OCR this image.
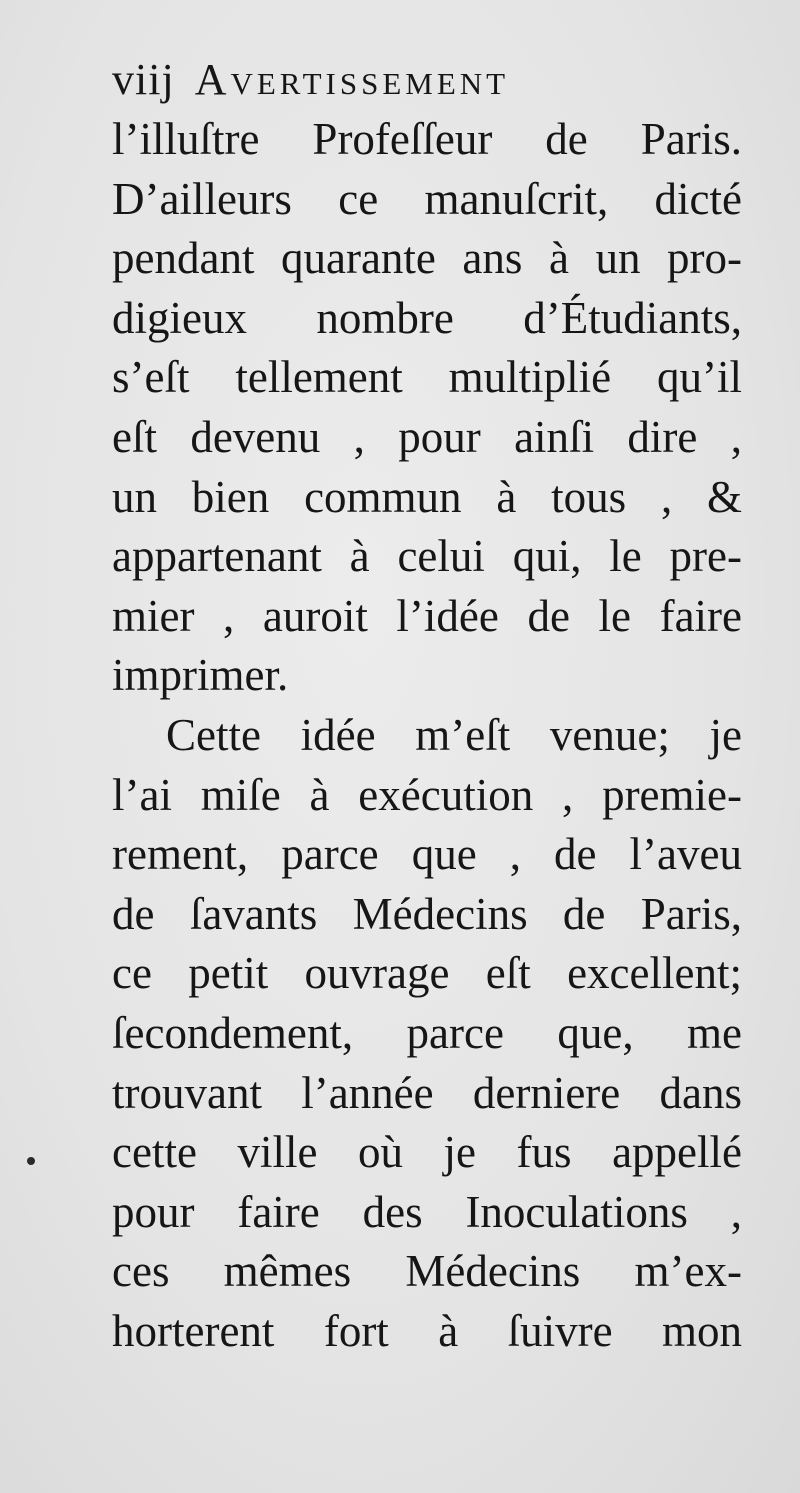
viij Avertissement
l’illuſtre Profeſſeur de Paris.
D’ailleurs ce manuſcrit, dicté
pendant quarante ans à un pro-
digieux nombre d’Étudiants,
s’eſt tellement multiplié qu’il
eſt devenu , pour ainſi dire ,
un bien commun à tous , &
appartenant à celui qui, le pre-
mier , auroit l’idée de le faire
imprimer.
Cette idée m’eſt venue; je
l’ai miſe à exécution , premie-
rement, parce que , de l’aveu
de ſavants Médecins de Paris,
ce petit ouvrage eſt excellent;
ſecondement, parce que, me
trouvant l’année derniere dans
cette ville où je fus appellé
pour faire des Inoculations ,
ces mêmes Médecins m’ex-
horterent fort à ſuivre mon
